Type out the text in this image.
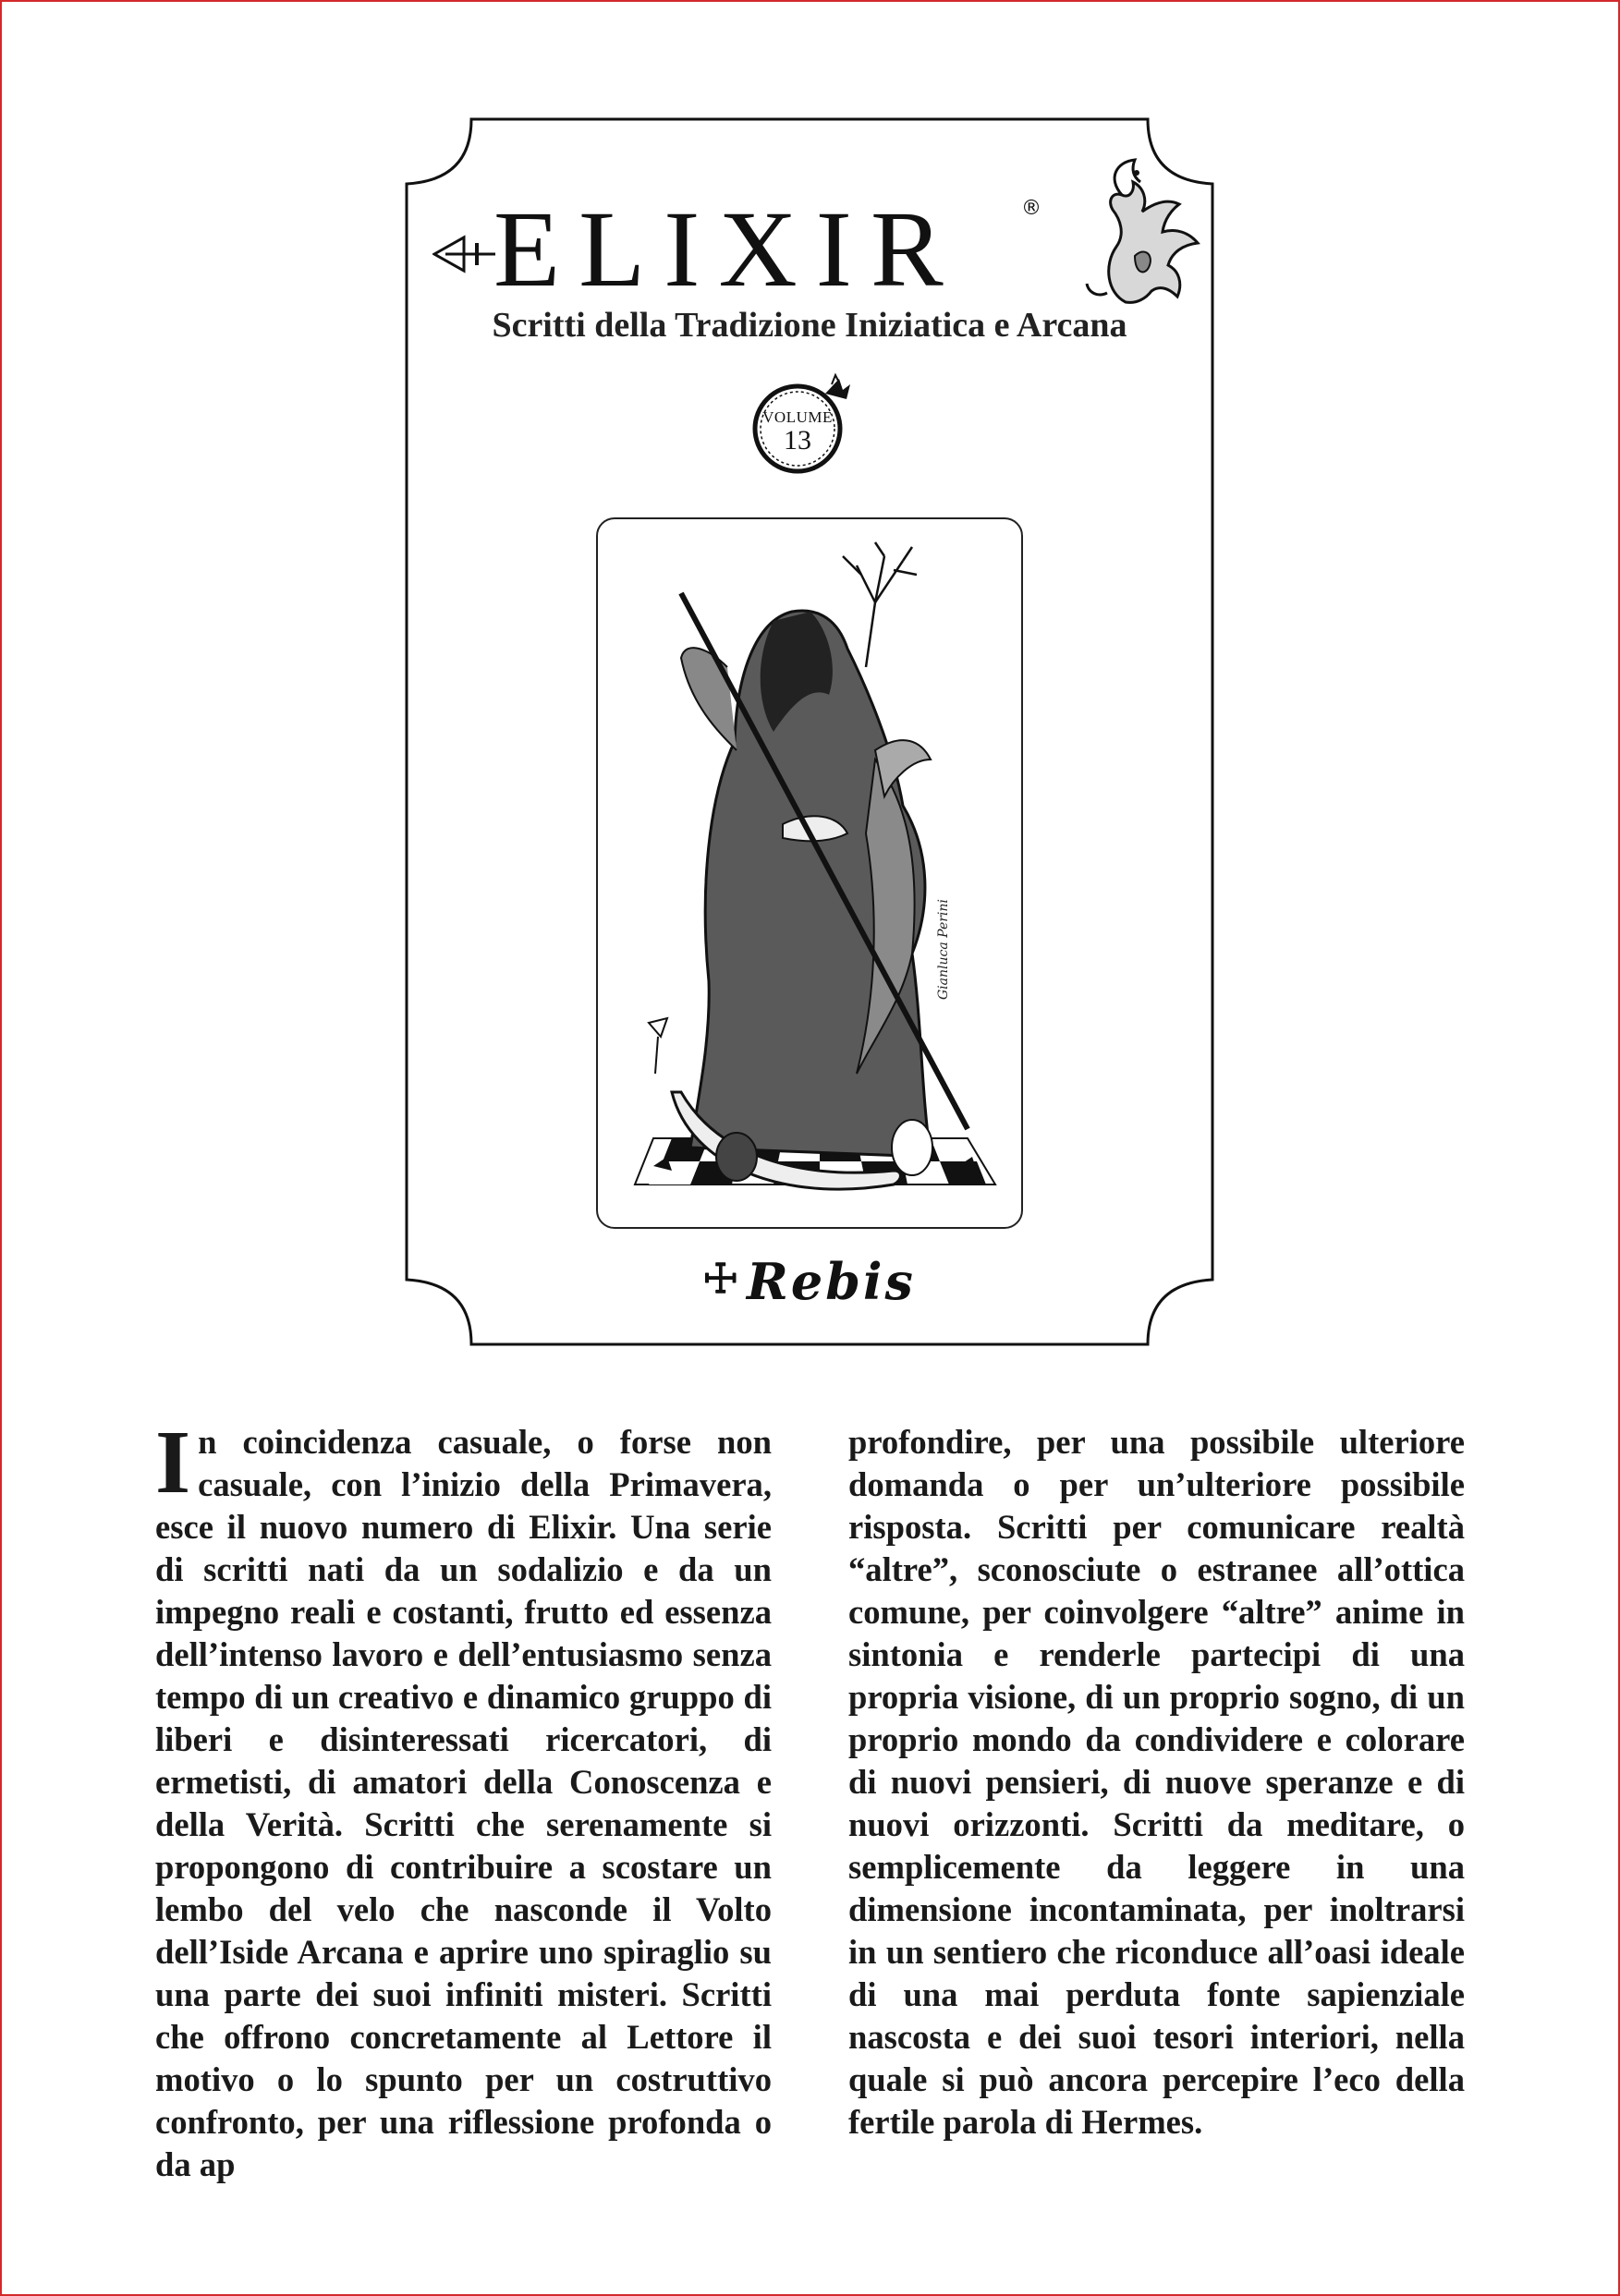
ELIXIR	®
Scritti della Tradizione Iniziatica e Arcana
VOLUME
13
Gianluca Perini
☩ Rebis
In coincidenza casuale, o forse non casuale, con l’inizio della Primavera, esce il nuovo numero di Elixir. Una serie di scritti nati da un sodalizio e da un impegno reali e costanti, frutto ed essenza dell’intenso lavoro e dell’entusiasmo senza tempo di un creativo e dinamico gruppo di liberi e disinteressati ricercatori, di ermetisti, di amatori della Conoscenza e della Verità. Scritti che serenamente si propongono di contribuire a scostare un lembo del velo che nasconde il Volto dell’Iside Arcana e aprire uno spiraglio su una parte dei suoi infiniti misteri. Scritti che offrono concretamente al Lettore il motivo o lo spunto per un costruttivo confronto, per una riflessione profonda o da ap
profondire, per una possibile ulteriore domanda o per un’ulteriore possibile risposta. Scritti per comunicare realtà “altre”, sconosciute o estranee all’ottica comune, per coinvolgere “altre” anime in sintonia e renderle partecipi di una propria visione, di un proprio sogno, di un proprio mondo da condividere e colorare di nuovi pensieri, di nuove speranze e di nuovi orizzonti. Scritti da meditare, o semplicemente da leggere in una dimensione incontaminata, per inoltrarsi in un sentiero che riconduce all’oasi ideale di una mai perduta fonte sapienziale nascosta e dei suoi tesori interiori, nella quale si può ancora percepire l’eco della fertile parola di Hermes.
